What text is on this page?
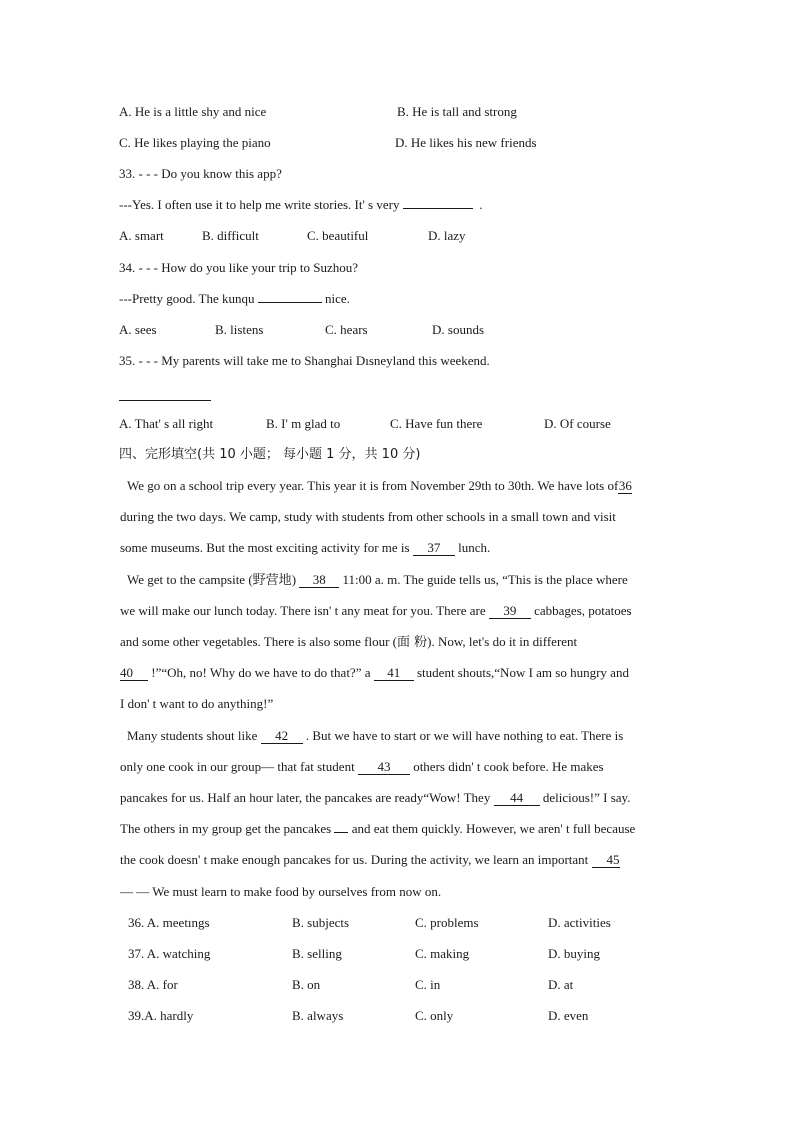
A. He is a little shy and nice	B. He is tall and strong
C. He likes playing the piano	D. He likes his new friends
33. - - - Do you know this app?
---Yes. I often use it to help me write stories. It' s very	.
A. smart	B. difficult	C. beautiful	D. lazy
34. - - - How do you like your trip to Suzhou?
---Pretty good. The kunqu	nice.
A. sees	B. listens	C. hears	D. sounds
35. - - - My parents will take me to Shanghai Dısneyland this weekend.
A. That' s all right	B. I' m glad to	C. Have fun there	D. Of course
四、完形填空(共 10 小题； 每小题 1 分，共 10 分)
We go on a school trip every year. This year it is from November 29th to 30th. We have lots of36
during the two days. We camp, study with students from other schools in a small town and visit
some museums. But the most exciting activity for me is 37 lunch.
We get to the campsite (野营地) 38 11:00 a. m. The guide tells us, “This is the place where
we will make our lunch today. There isn' t any meat for you. There are 39 cabbages, potatoes
and some other vegetables. There is also some flour (面 粉). Now, let's do it in different
40 !”“Oh, no! Why do we have to do that?” a 41 student shouts,“Now I am so hungry and
I don' t want to do anything!”
Many students shout like 42 . But we have to start or we will have nothing to eat. There is
only one cook in our group— that fat student 43 others didn' t cook before. He makes
pancakes for us. Half an hour later, the pancakes are ready“Wow! They 44 delicious!” I say.
The others in my group get the pancakes and eat them quickly. However, we aren' t full because
the cook doesn' t make enough pancakes for us. During the activity, we learn an important 45
— — We must learn to make food by ourselves from now on.
36. A. meetıngs	B. subjects	C. problems	D. activities
37. A. watching	B. selling	C. making	D. buying
38. A. for	B. on	C. in	D. at
39.A. hardly	B. always	C. only	D. even
